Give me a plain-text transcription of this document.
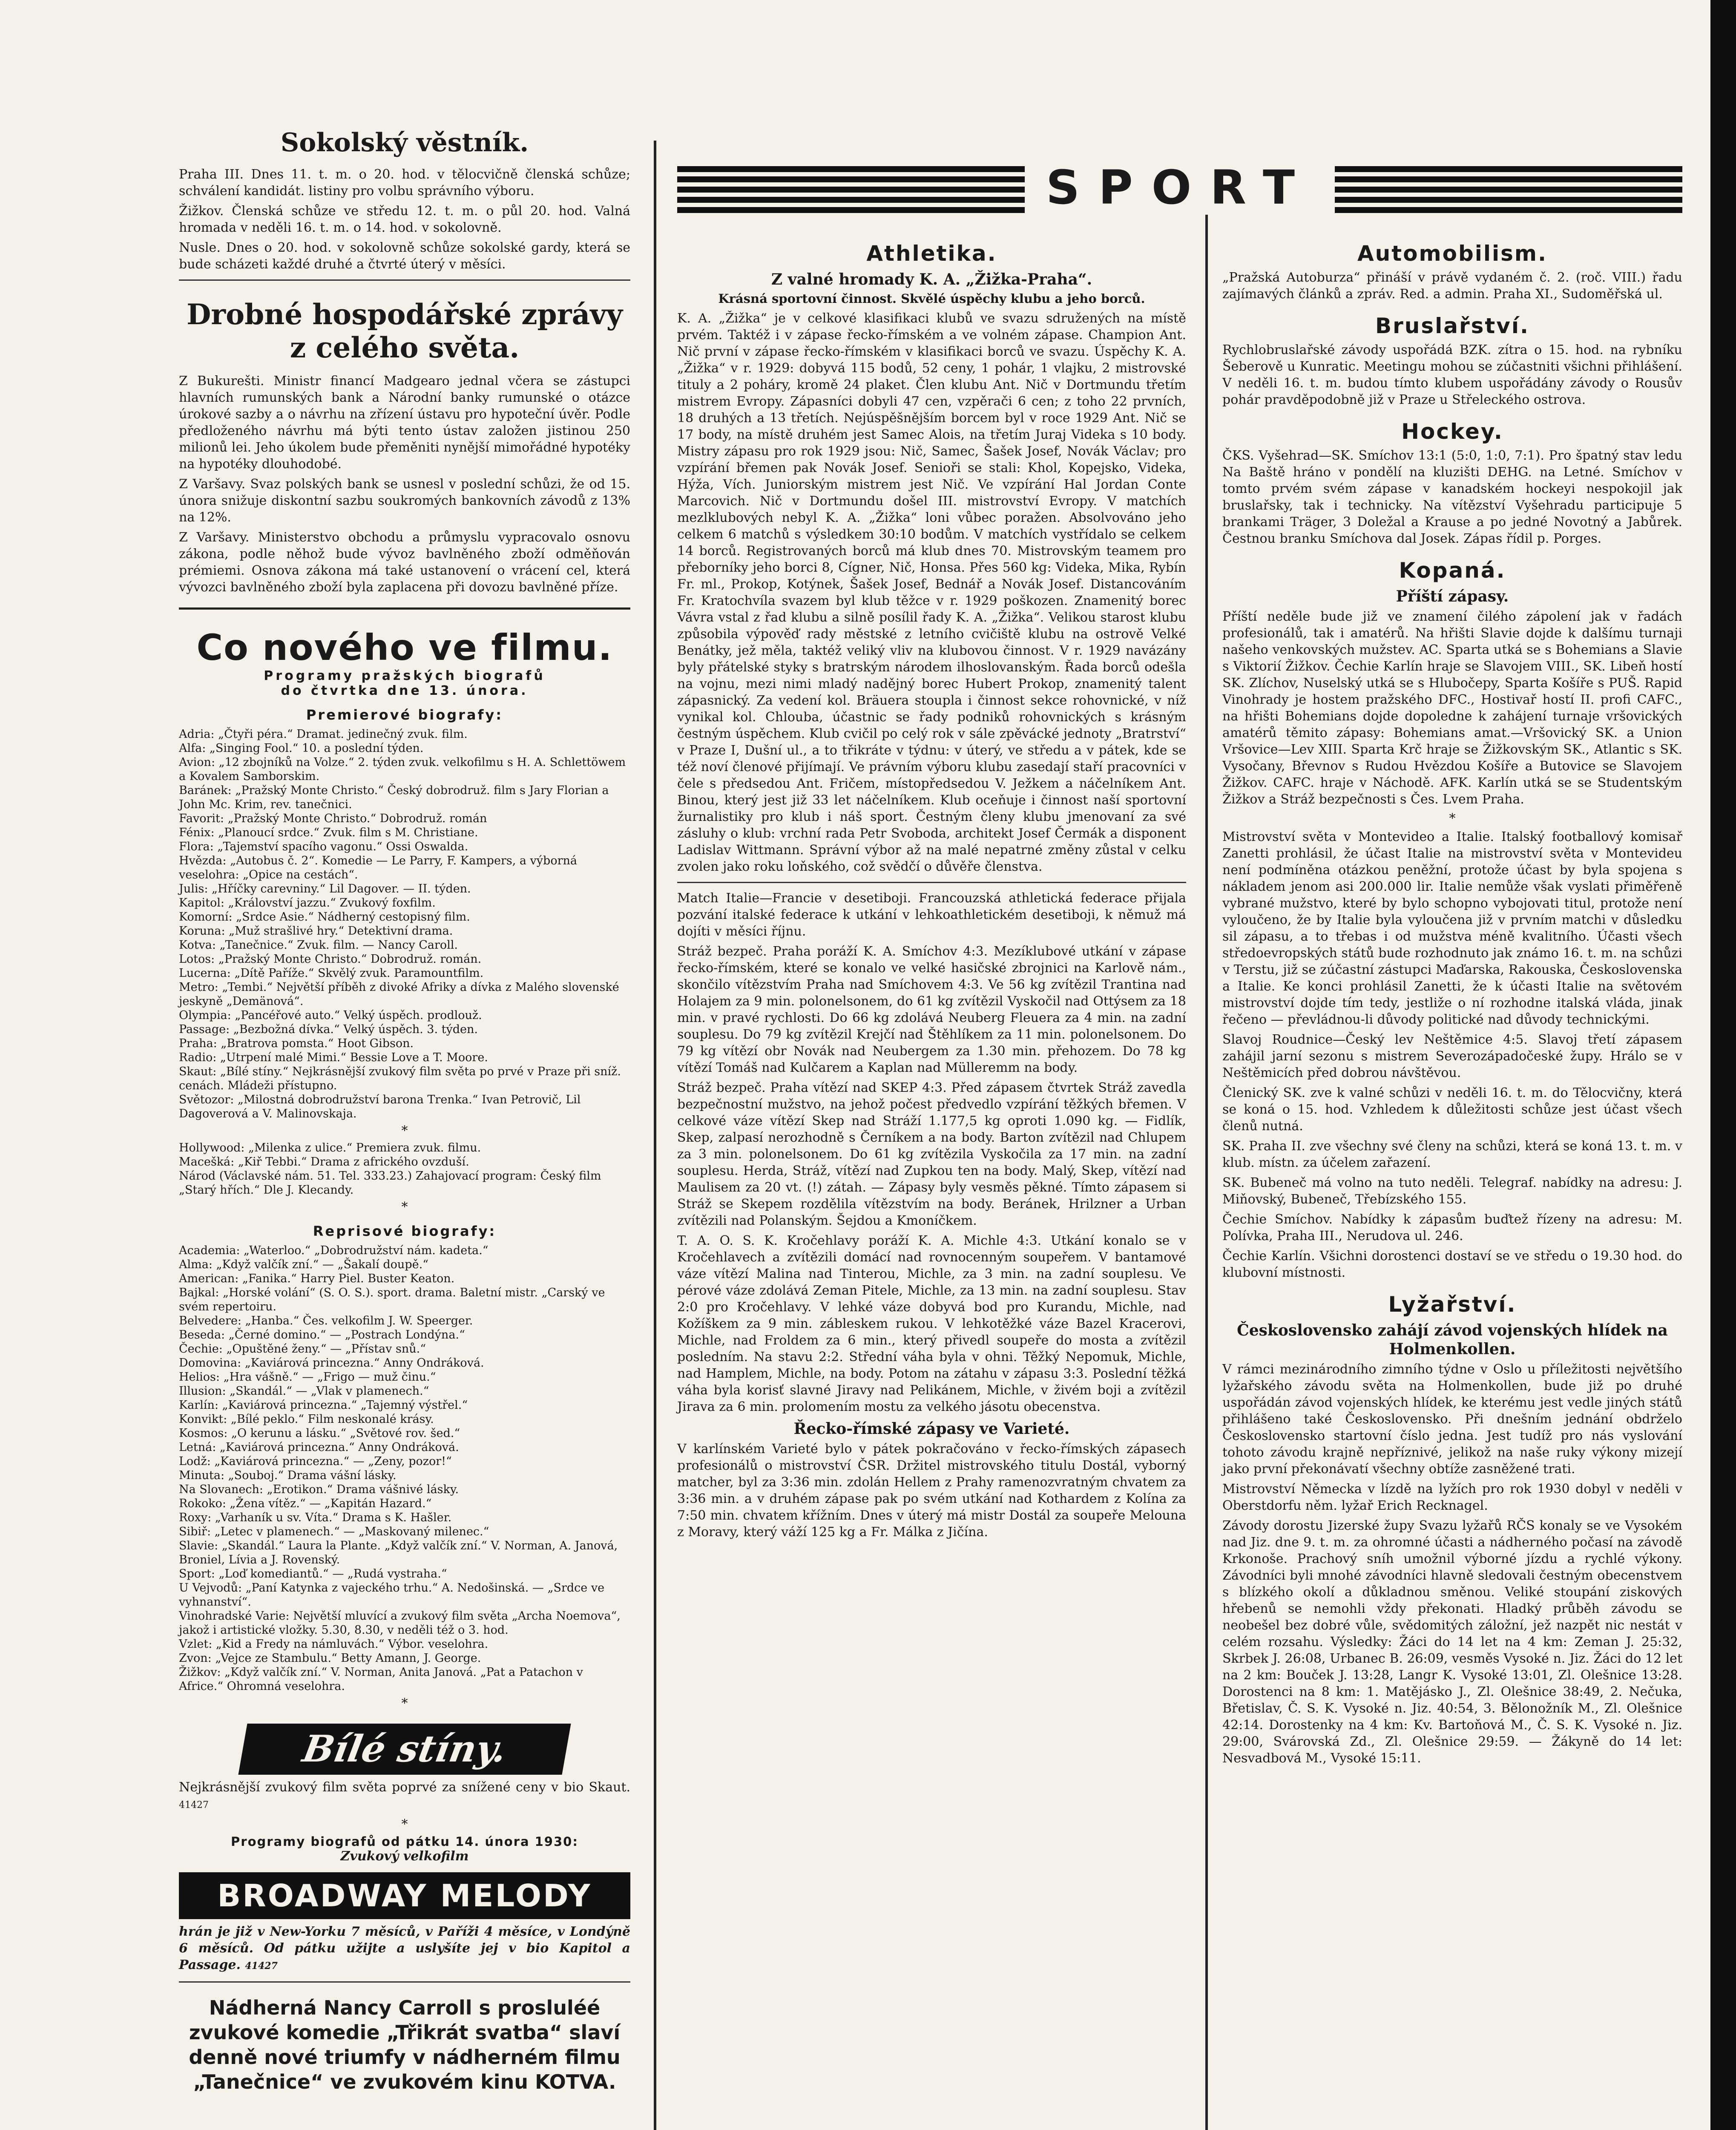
Sokolský věstník.

Praha III. Dnes 11. t. m. o 20. hod. v tělocvičně členská schůze; schválení kandidát. listiny pro volbu správního výboru.

Žižkov. Členská schůze ve středu 12. t. m. o půl 20. hod. Valná hromada v neděli 16. t. m. o 14. hod. v sokolovně.

Nusle. Dnes o 20. hod. v sokolovně schůze sokolské gardy, která se bude scházeti každé druhé a čtvrté úterý v měsíci.

Drobné hospodářské zprávy z celého světa.

Z Bukurešti. Ministr financí Madgearo jednal včera se zástupci hlavních rumunských bank a Národní banky rumunské o otázce úrokové sazby a o návrhu na zřízení ústavu pro hypoteční úvěr. Podle předloženého návrhu má býti tento ústav založen jistinou 250 milionů lei. Jeho úkolem bude přeměniti nynější mimořádné hypotéky na hypotéky dlouhodobé.

Z Varšavy. Svaz polských bank se usnesl v poslední schůzi, že od 15. února snižuje diskontní sazbu soukromých bankovních závodů z 13% na 12%.

Z Varšavy. Ministerstvo obchodu a průmyslu vypracovalo osnovu zákona, podle něhož bude vývoz bavlněného zboží odměňován prémiemi. Osnova zákona má také ustanovení o vrácení cel, která vývozci bavlněného zboží byla zaplacena při dovozu bavlněné příze.

Co nového ve filmu.
Programy pražských biografů
do čtvrtka dne 13. února.
Premierové biografy:

Adria: „Čtyři péra.“ Dramat. jedinečný zvuk. film.

Alfa: „Singing Fool.“ 10. a poslední týden.

Avion: „12 zbojníků na Volze.“ 2. týden zvuk. velkofilmu s H. A. Schlettöwem a Kovalem Samborskim.

Baránek: „Pražský Monte Christo.“ Český dobrodruž. film s Jary Florian a John Mc. Krim, rev. tanečnici.

Favorit: „Pražský Monte Christo.“ Dobrodruž. román

Fénix: „Planoucí srdce.“ Zvuk. film s M. Christiane.

Flora: „Tajemství spacího vagonu.“ Ossi Oswalda.

Hvězda: „Autobus č. 2“. Komedie — Le Parry, F. Kampers, a výborná veselohra: „Opice na cestách“.

Julis: „Hříčky carevniny.“ Lil Dagover. — II. týden.

Kapitol: „Království jazzu.“ Zvukový foxfilm.

Komorní: „Srdce Asie.“ Nádherný cestopisný film.

Koruna: „Muž strašlivé hry.“ Detektivní drama.

Kotva: „Tanečnice.“ Zvuk. film. — Nancy Caroll.

Lotos: „Pražský Monte Christo.“ Dobrodruž. román.

Lucerna: „Dítě Paříže.“ Skvělý zvuk. Paramountfilm.

Metro: „Tembi.“ Největší příběh z divoké Afriky a dívka z Malého slovenské jeskyně „Demänová“.

Olympia: „Pancéřové auto.“ Velký úspěch. prodlouž.

Passage: „Bezbožná dívka.“ Velký úspěch. 3. týden.

Praha: „Bratrova pomsta.“ Hoot Gibson.

Radio: „Utrpení malé Mimi.“ Bessie Love a T. Moore.

Skaut: „Bílé stíny.“ Nejkrásnější zvukový film světa po prvé v Praze při sníž. cenách. Mládeži přístupno.

Světozor: „Milostná dobrodružství barona Trenka.“ Ivan Petrovič, Lil Dagoverová a V. Malinovskaja.

*

Hollywood: „Milenka z ulice.“ Premiera zvuk. filmu.

Macešká: „Kiř Tebbi.“ Drama z afrického ovzduší.

Národ (Václavské nám. 51. Tel. 333.23.) Zahajovací program: Český film „Starý hřích.“ Dle J. Klecandy.

*
Reprisové biografy:

Academia: „Waterloo.“ „Dobrodružství nám. kadeta.“

Alma: „Když valčík zní.“ — „Šakalí doupě.“

American: „Fanika.“ Harry Piel. Buster Keaton.

Bajkal: „Horské volání“ (S. O. S.). sport. drama. Baletní mistr. „Carský ve svém repertoiru.

Belvedere: „Hanba.“ Čes. velkofilm J. W. Speerger.

Beseda: „Černé domino.“ — „Postrach Londýna.“

Čechie: „Opuštěné ženy.“ — „Přístav snů.“

Domovina: „Kaviárová princezna.“ Anny Ondráková.

Helios: „Hra vášně.“ — „Frigo — muž činu.“

Illusion: „Skandál.“ — „Vlak v plamenech.“

Karlín: „Kaviárová princezna.“ „Tajemný výstřel.“

Konvikt: „Bílé peklo.“ Film neskonalé krásy.

Kosmos: „O kerunu a lásku.“ „Světové rov. šed.“

Letná: „Kaviárová princezna.“ Anny Ondráková.

Lodž: „Kaviárová princezna.“ — „Zeny, pozor!“

Minuta: „Souboj.“ Drama vášní lásky.

Na Slovanech: „Erotikon.“ Drama vášnivé lásky.

Rokoko: „Žena vítěz.“ — „Kapitán Hazard.“

Roxy: „Varhaník u sv. Víta.“ Drama s K. Hašler.

Sibiř: „Letec v plamenech.“ — „Maskovaný milenec.“

Slavie: „Skandál.“ Laura la Plante. „Když valčík zní.“ V. Norman, A. Janová, Broniel, Lívia a J. Rovenský.

Sport: „Loď komediantů.“ — „Rudá vystraha.“

U Vejvodů: „Paní Katynka z vajeckého trhu.“ A. Nedošinská. — „Srdce ve vyhnanství“.

Vinohradské Varie: Největší mluvící a zvukový film světa „Archa Noemova“, jakož i artistické vložky. 5.30, 8.30, v neděli též o 3. hod.

Vzlet: „Kid a Fredy na námluvách.“ Výbor. veselohra.

Zvon: „Vejce ze Stambulu.“ Betty Amann, J. George.

Žižkov: „Když valčík zní.“ V. Norman, Anita Janová. „Pat a Patachon v Africe.“ Ohromná veselohra.

*
Bílé stíny.

Nejkrásnější zvukový film světa poprvé za snížené ceny v bio Skaut. 41427

*
Programy biografů od pátku 14. února 1930:
Zvukový velkofilm
BROADWAY MELODY

hrán je již v New-Yorku 7 měsíců, v Paříži 4 měsíce, v Londýně 6 měsíců. Od pátku užijte a uslyšíte jej v bio Kapitol a Passage. 41427

Nádherná Nancy Carroll s prosluléé zvukové komedie „Třikrát svatba“ slaví denně nové triumfy v nádherném filmu „Tanečnice“ ve zvukovém kinu KOTVA.
SPORT
Athletika.
Z valné hromady K. A. „Žižka-Praha“.
Krásná sportovní činnost. Skvělé úspěchy klubu a jeho borců.

K. A. „Žižka“ je v celkové klasifikaci klubů ve svazu sdružených na místě prvém. Taktéž i v zápase řecko-římském a ve volném zápase. Champion Ant. Nič první v zápase řecko-římském v klasifikaci borců ve svazu. Úspěchy K. A. „Žižka“ v r. 1929: dobyvá 115 bodů, 52 ceny, 1 pohár, 1 vlajku, 2 mistrovské tituly a 2 poháry, kromě 24 plaket. Člen klubu Ant. Nič v Dortmundu třetím mistrem Evropy. Zápasníci dobyli 47 cen, vzpěrači 6 cen; z toho 22 prvních, 18 druhých a 13 třetích. Nejúspěšnějším borcem byl v roce 1929 Ant. Nič se 17 body, na místě druhém jest Samec Alois, na třetím Juraj Videka s 10 body. Mistry zápasu pro rok 1929 jsou: Nič, Samec, Šašek Josef, Novák Václav; pro vzpírání břemen pak Novák Josef. Senioři se stali: Khol, Kopejsko, Videka, Hýža, Vích. Juniorským mistrem jest Nič. Ve vzpírání Hal Jordan Conte Marcovich. Nič v Dortmundu došel III. mistrovství Evropy. V matchích mezlklubových nebyl K. A. „Žižka“ loni vůbec poražen. Absolvováno jeho celkem 6 matchů s výsledkem 30:10 bodům. V matchích vystřídalo se celkem 14 borců. Registrovaných borců má klub dnes 70. Mistrovským teamem pro přeborníky jeho borci 8, Cígner, Nič, Honsa. Přes 560 kg: Videka, Mika, Rybín Fr. ml., Prokop, Kotýnek, Šašek Josef, Bednář a Novák Josef. Distancováním Fr. Kratochvíla svazem byl klub těžce v r. 1929 poškozen. Znamenitý borec Vávra vstal z řad klubu a silně posílil řady K. A. „Žižka“. Velikou starost klubu způsobila výpověď rady městské z letního cvičiště klubu na ostrově Velké Benátky, jež měla, taktéž veliký vliv na klubovou činnost. V r. 1929 navázány byly přátelské styky s bratrským národem ilhoslovanským. Řada borců odešla na vojnu, mezi nimi mladý nadějný borec Hubert Prokop, znamenitý talent zápasnický. Za vedení kol. Bräuera stoupla i činnost sekce rohovnické, v níž vynikal kol. Chlouba, účastnic se řady podniků rohovnických s krásným čestným úspěchem. Klub cvičil po celý rok v sále zpěvácké jednoty „Bratrství“ v Praze I, Dušní ul., a to třikráte v týdnu: v úterý, ve středu a v pátek, kde se též noví členové přijímají. Ve právním výboru klubu zasedají staří pracovníci v čele s předsedou Ant. Fričem, místopředsedou V. Ježkem a náčelníkem Ant. Binou, který jest již 33 let náčelníkem. Klub oceňuje i činnost naší sportovní žurnalistiky pro klub i náš sport. Čestným členy klubu jmenovaní za své zásluhy o klub: vrchní rada Petr Svoboda, architekt Josef Čermák a disponent Ladislav Wittmann. Správní výbor až na malé nepatrné změny zůstal v celku zvolen jako roku loňského, což svědčí o důvěře členstva.

Match Italie—Francie v desetiboji. Francouzská athletická federace přijala pozvání italské federace k utkání v lehkoathletickém desetiboji, k němuž má dojíti v měsíci říjnu.

Stráž bezpeč. Praha poráží K. A. Smíchov 4:3. Mezíklubové utkání v zápase řecko-římském, které se konalo ve velké hasičské zbrojnici na Karlově nám., skončilo vítězstvím Praha nad Smíchovem 4:3. Ve 56 kg zvítězil Trantina nad Holajem za 9 min. polonelsonem, do 61 kg zvítězil Vyskočil nad Ottýsem za 18 min. v pravé rychlosti. Do 66 kg zdolává Neuberg Fleuera za 4 min. na zadní souplesu. Do 79 kg zvítězil Krejčí nad Štěhlíkem za 11 min. polonelsonem. Do 79 kg vítězí obr Novák nad Neubergem za 1.30 min. přehozem. Do 78 kg vítězí Tomáš nad Kulčarem a Kaplan nad Mülleremm na body.

Stráž bezpeč. Praha vítězí nad SKEP 4:3. Před zápasem čtvrtek Stráž zavedla bezpečnostní mužstvo, na jehož počest předvedlo vzpírání těžkých břemen. V celkové váze vítězí Skep nad Stráží 1.177,5 kg oproti 1.090 kg. — Fidlík, Skep, zalpasí nerozhodně s Černíkem a na body. Barton zvítězil nad Chlupem za 3 min. polonelsonem. Do 61 kg zvítězila Vyskočila za 17 min. na zadní souplesu. Herda, Stráž, vítězí nad Zupkou ten na body. Malý, Skep, vítězí nad Maulisem za 20 vt. (!) zátah. — Zápasy byly vesměs pěkné. Tímto zápasem si Stráž se Skepem rozdělila vítězstvím na body. Beránek, Hrilzner a Urban zvítězili nad Polanským. Šejdou a Kmoníčkem.

T. A. O. S. K. Kročehlavy poráží K. A. Michle 4:3. Utkání konalo se v Kročehlavech a zvítězili domácí nad rovnocenným soupeřem. V bantamové váze vítězí Malina nad Tinterou, Michle, za 3 min. na zadní souplesu. Ve pérové váze zdolává Zeman Pitele, Michle, za 13 min. na zadní souplesu. Stav 2:0 pro Kročehlavy. V lehké váze dobyvá bod pro Kurandu, Michle, nad Kožíškem za 9 min. zábleskem rukou. V lehkotěžké váze Bazel Kracerovi, Michle, nad Froldem za 6 min., který přivedl soupeře do mosta a zvítězil posledním. Na stavu 2:2. Střední váha byla v ohni. Těžký Nepomuk, Michle, nad Hamplem, Michle, na body. Potom na zátahu v zápasu 3:3. Poslední těžká váha byla korisť slavné Jiravy nad Pelikánem, Michle, v živém boji a zvítězil Jirava za 6 min. prolomením mostu za velkého jásotu obecenstva.

Řecko-římské zápasy ve Varieté.

V karlínském Varieté bylo v pátek pokračováno v řecko-římských zápasech profesionálů o mistrovství ČSR. Držitel mistrovského titulu Dostál, vyborný matcher, byl za 3:36 min. zdolán Hellem z Prahy ramenozvratným chvatem za 3:36 min. a v druhém zápase pak po svém utkání nad Kothardem z Kolína za 7:50 min. chvatem křížním. Dnes v úterý má mistr Dostál za soupeře Melouna z Moravy, který váží 125 kg a Fr. Málka z Jičína.

Automobilism.

„Pražská Autoburza“ přináší v právě vydaném č. 2. (roč. VIII.) řadu zajímavých článků a zpráv. Red. a admin. Praha XI., Sudoměřská ul.

Bruslařství.

Rychlobruslařské závody uspořádá BZK. zítra o 15. hod. na rybníku Šeberově u Kunratic. Meetingu mohou se zúčastniti všichni přihlášení. V neděli 16. t. m. budou tímto klubem uspořádány závody o Rousův pohár pravděpodobně již v Praze u Střeleckého ostrova.

Hockey.

ČKS. Vyšehrad—SK. Smíchov 13:1 (5:0, 1:0, 7:1). Pro špatný stav ledu Na Baště hráno v pondělí na kluzišti DEHG. na Letné. Smíchov v tomto prvém svém zápase v kanadském hockeyi nespokojil jak bruslařsky, tak i technicky. Na vítězství Vyšehradu participuje 5 brankami Träger, 3 Doležal a Krause a po jedné Novotný a Jabůrek. Čestnou branku Smíchova dal Josek. Zápas řídil p. Porges.

Kopaná.
Příští zápasy.

Příští neděle bude již ve znamení čilého zápolení jak v řadách profesionálů, tak i amatérů. Na hřišti Slavie dojde k dalšímu turnaji našeho venkovských mužstev. AC. Sparta utká se s Bohemians a Slavie s Viktorií Žižkov. Čechie Karlín hraje se Slavojem VIII., SK. Libeň hostí SK. Zlíchov, Nuselský utká se s Hlubočepy, Sparta Košíře s PUŠ. Rapid Vinohrady je hostem pražského DFC., Hostivař hostí II. profi CAFC., na hřišti Bohemians dojde dopoledne k zahájení turnaje vršovických amatérů těmito zápasy: Bohemians amat.—Vršovický SK. a Union Vršovice—Lev XIII. Sparta Krč hraje se Žižkovským SK., Atlantic s SK. Vysočany, Břevnov s Rudou Hvězdou Košíře a Butovice se Slavojem Žižkov. CAFC. hraje v Náchodě. AFK. Karlín utká se se Studentským Žižkov a Stráž bezpečnosti s Čes. Lvem Praha.

*

Mistrovství světa v Montevideo a Italie. Italský footballový komisař Zanetti prohlásil, že účast Italie na mistrovství světa v Montevideu není podmíněna otázkou peněžní, protože účast by byla spojena s nákladem jenom asi 200.000 lir. Italie nemůže však vyslati přiměřeně vybrané mužstvo, které by bylo schopno vybojovati titul, protože není vyloučeno, že by Italie byla vyloučena již v prvním matchi v důsledku sil zápasu, a to třebas i od mužstva méně kvalitního. Účasti všech středoevropských států bude rozhodnuto jak známo 16. t. m. na schůzi v Terstu, již se zúčastní zástupci Maďarska, Rakouska, Československa a Italie. Ke konci prohlásil Zanetti, že k účasti Italie na světovém mistrovství dojde tím tedy, jestliže o ní rozhodne italská vláda, jinak řečeno — převládnou-li důvody politické nad důvody technickými.

Slavoj Roudnice—Český lev Neštěmice 4:5. Slavoj třetí zápasem zahájil jarní sezonu s mistrem Severozápadočeské župy. Hrálo se v Neštěmicích před dobrou návštěvou.

Členický SK. zve k valné schůzi v neděli 16. t. m. do Tělocvičny, která se koná o 15. hod. Vzhledem k důležitosti schůze jest účast všech členů nutná.

SK. Praha II. zve všechny své členy na schůzi, která se koná 13. t. m. v klub. místn. za účelem zařazení.

SK. Bubeneč má volno na tuto neděli. Telegraf. nabídky na adresu: J. Miňovský, Bubeneč, Třebízského 155.

Čechie Smíchov. Nabídky k zápasům buďtež řízeny na adresu: M. Polívka, Praha III., Nerudova ul. 246.

Čechie Karlín. Všichni dorostenci dostaví se ve středu o 19.30 hod. do klubovní místnosti.

Lyžařství.
Československo zahájí závod vojenských hlídek na Holmenkollen.

V rámci mezinárodního zimního týdne v Oslo u příležitosti největšího lyžařského závodu světa na Holmenkollen, bude již po druhé uspořádán závod vojenských hlídek, ke kterému jest vedle jiných států přihlášeno také Československo. Při dnešním jednání obdrželo Československo startovní číslo jedna. Jest tudíž pro nás vyslování tohoto závodu krajně nepříznivé, jelikož na naše ruky výkony mizejí jako první překonávatí všechny obtíže zasněžené trati.

Mistrovství Německa v lízdě na lyžích pro rok 1930 dobyl v neděli v Oberstdorfu něm. lyžař Erich Recknagel.

Závody dorostu Jizerské župy Svazu lyžařů RČS konaly se ve Vysokém nad Jiz. dne 9. t. m. za ohromné účasti a nádherného počasí na závodě Krkonoše. Prachový sníh umožnil výborné jízdu a rychlé výkony. Závodníci byli mnohé závodníci hlavně sledovali čestným obecenstvem s blízkého okolí a důkladnou směnou. Veliké stoupání ziskových hřebenů se nemohli vždy překonati. Hladký průběh závodu se neobešel bez dobré vůle, svědomitých záložní, jež nazpět nic nestát v celém rozsahu. Výsledky: Žáci do 14 let na 4 km: Zeman J. 25:32, Skrbek J. 26:08, Urbanec B. 26:09, vesměs Vysoké n. Jiz. Žáci do 12 let na 2 km: Bouček J. 13:28, Langr K. Vysoké 13:01, Zl. Olešnice 13:28. Dorostenci na 8 km: 1. Matějásko J., Zl. Olešnice 38:49, 2. Nečuka, Břetislav, Č. S. K. Vysoké n. Jiz. 40:54, 3. Bělonožník M., Zl. Olešnice 42:14. Dorostenky na 4 km: Kv. Bartoňová M., Č. S. K. Vysoké n. Jiz. 29:00, Svárovská Zd., Zl. Olešnice 29:59. — Žákyně do 14 let: Nesvadbová M., Vysoké 15:11.
